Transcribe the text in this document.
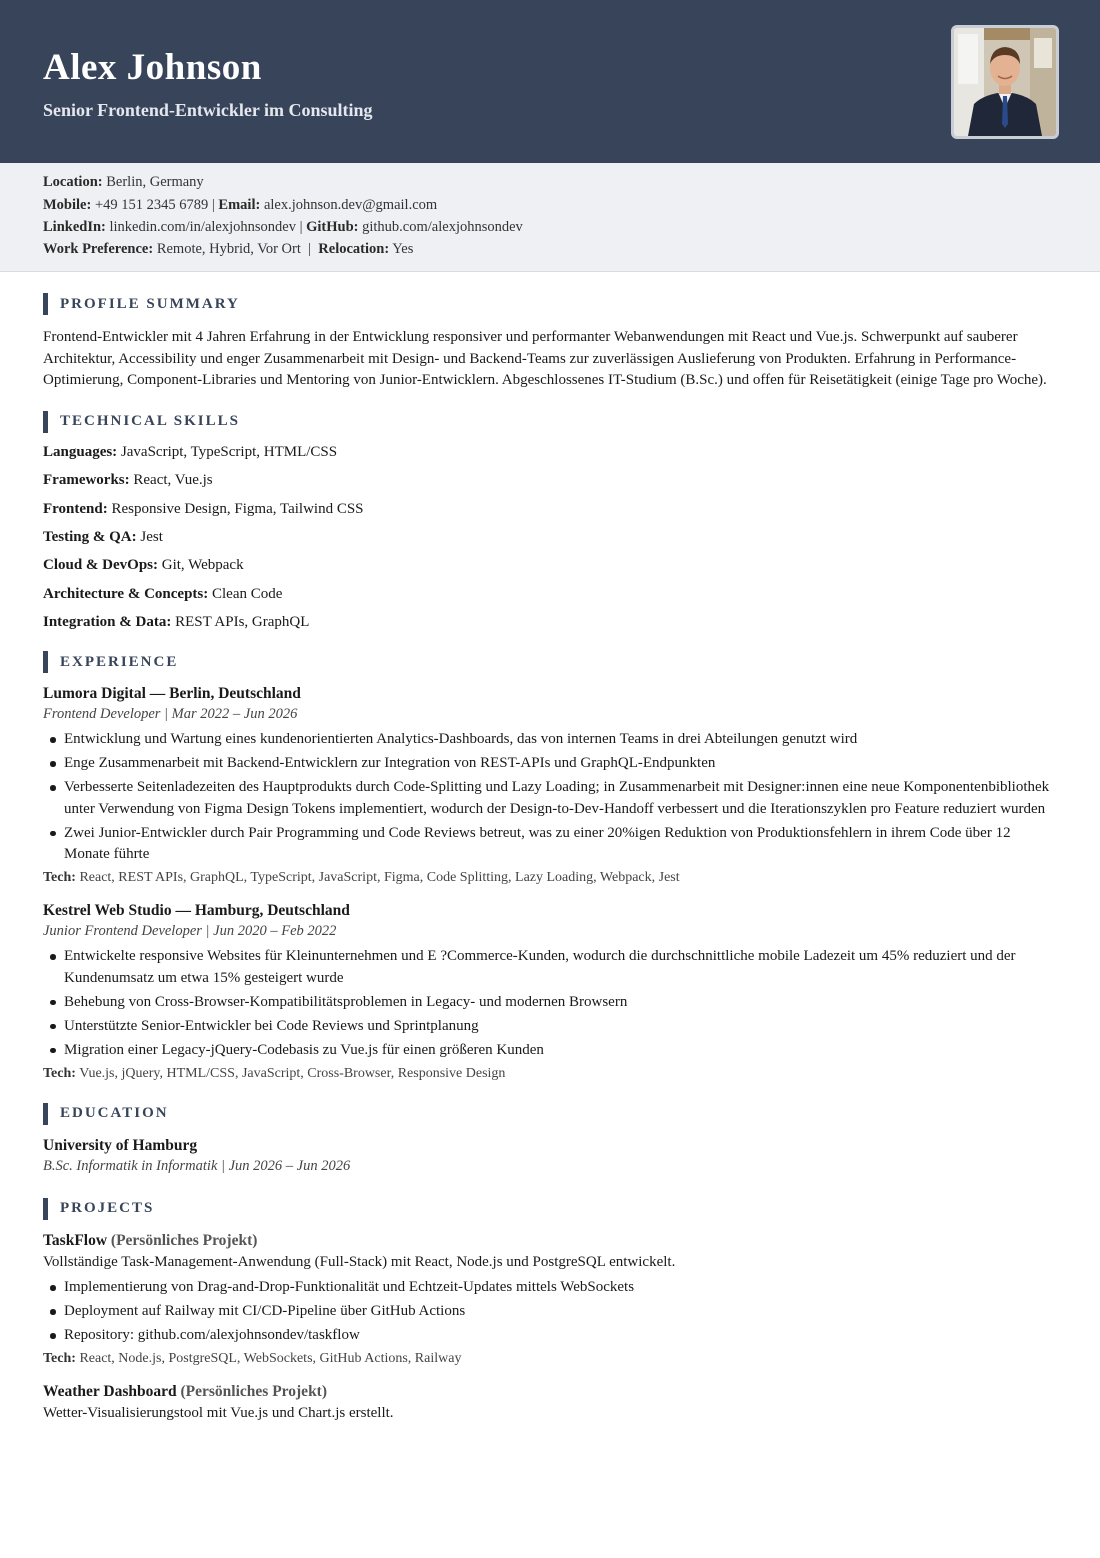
Alex Johnson
Senior Frontend-Entwickler im Consulting
Location: Berlin, Germany
Mobile: +49 151 2345 6789 | Email: alex.johnson.dev@gmail.com
LinkedIn: linkedin.com/in/alexjohnsondev | GitHub: github.com/alexjohnsondev
Work Preference: Remote, Hybrid, Vor Ort | Relocation: Yes
PROFILE SUMMARY

Frontend-Entwickler mit 4 Jahren Erfahrung in der Entwicklung responsiver und performanter Webanwendungen mit React und Vue.js. Schwerpunkt auf sauberer Architektur, Accessibility und enger Zusammenarbeit mit Design- und Backend-Teams zur zuverlässigen Auslieferung von Produkten. Erfahrung in Performance-Optimierung, Component-Libraries und Mentoring von Junior-Entwicklern. Abgeschlossenes IT-Studium (B.Sc.) und offen für Reisetätigkeit (einige Tage pro Woche).

TECHNICAL SKILLS
Languages: JavaScript, TypeScript, HTML/CSS
Frameworks: React, Vue.js
Frontend: Responsive Design, Figma, Tailwind CSS
Testing & QA: Jest
Cloud & DevOps: Git, Webpack
Architecture & Concepts: Clean Code
Integration & Data: REST APIs, GraphQL
EXPERIENCE
Lumora Digital — Berlin, Deutschland
Frontend Developer | Mar 2022 – Jun 2026
Entwicklung und Wartung eines kundenorientierten Analytics-Dashboards, das von internen Teams in drei Abteilungen genutzt wird
Enge Zusammenarbeit mit Backend-Entwicklern zur Integration von REST-APIs und GraphQL-Endpunkten
Verbesserte Seitenladezeiten des Hauptprodukts durch Code-Splitting und Lazy Loading; in Zusammenarbeit mit Designer:innen eine neue Komponentenbibliothek unter Verwendung von Figma Design Tokens implementiert, wodurch der Design-to-Dev-Handoff verbessert und die Iterationszyklen pro Feature reduziert wurden
Zwei Junior-Entwickler durch Pair Programming und Code Reviews betreut, was zu einer 20%igen Reduktion von Produktionsfehlern in ihrem Code über 12 Monate führte
Tech: React, REST APIs, GraphQL, TypeScript, JavaScript, Figma, Code Splitting, Lazy Loading, Webpack, Jest
Kestrel Web Studio — Hamburg, Deutschland
Junior Frontend Developer | Jun 2020 – Feb 2022
Entwickelte responsive Websites für Kleinunternehmen und E ?Commerce-Kunden, wodurch die durchschnittliche mobile Ladezeit um 45% reduziert und der Kundenumsatz um etwa 15% gesteigert wurde
Behebung von Cross-Browser-Kompatibilitätsproblemen in Legacy- und modernen Browsern
Unterstützte Senior-Entwickler bei Code Reviews und Sprintplanung
Migration einer Legacy-jQuery-Codebasis zu Vue.js für einen größeren Kunden
Tech: Vue.js, jQuery, HTML/CSS, JavaScript, Cross-Browser, Responsive Design
EDUCATION
University of Hamburg
B.Sc. Informatik in Informatik | Jun 2026 – Jun 2026
PROJECTS
TaskFlow (Persönliches Projekt)
Vollständige Task-Management-Anwendung (Full-Stack) mit React, Node.js und PostgreSQL entwickelt.
Implementierung von Drag-and-Drop-Funktionalität und Echtzeit-Updates mittels WebSockets
Deployment auf Railway mit CI/CD-Pipeline über GitHub Actions
Repository: github.com/alexjohnsondev/taskflow
Tech: React, Node.js, PostgreSQL, WebSockets, GitHub Actions, Railway
Weather Dashboard (Persönliches Projekt)
Wetter-Visualisierungstool mit Vue.js und Chart.js erstellt.
